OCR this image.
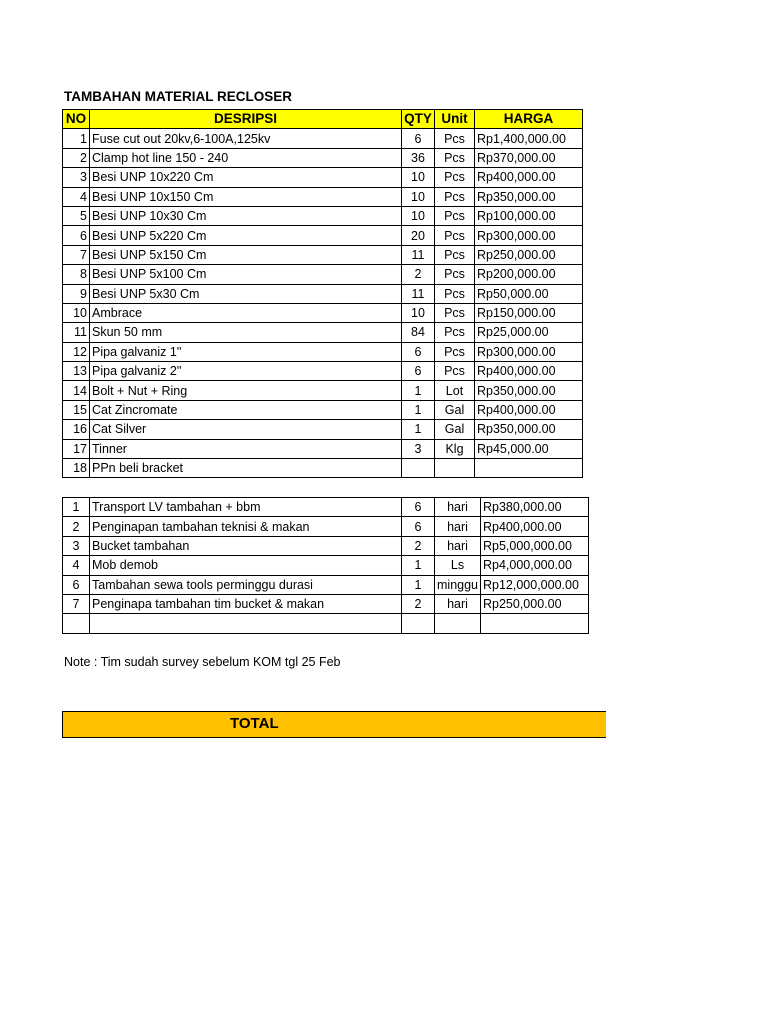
TAMBAHAN MATERIAL RECLOSER
NO	DESRIPSI	QTY	Unit	HARGA
1	Fuse cut out 20kv,6-100A,125kv	6	Pcs	Rp1,400,000.00
2	Clamp hot line 150 - 240	36	Pcs	Rp370,000.00
3	Besi UNP 10x220 Cm	10	Pcs	Rp400,000.00
4	Besi UNP 10x150 Cm	10	Pcs	Rp350,000.00
5	Besi UNP 10x30 Cm	10	Pcs	Rp100,000.00
6	Besi UNP 5x220 Cm	20	Pcs	Rp300,000.00
7	Besi UNP 5x150 Cm	11	Pcs	Rp250,000.00
8	Besi UNP 5x100 Cm	2	Pcs	Rp200,000.00
9	Besi UNP 5x30 Cm	11	Pcs	Rp50,000.00
10	Ambrace	10	Pcs	Rp150,000.00
11	Skun 50 mm	84	Pcs	Rp25,000.00
12	Pipa galvaniz 1''	6	Pcs	Rp300,000.00
13	Pipa galvaniz 2''	6	Pcs	Rp400,000.00
14	Bolt + Nut + Ring	1	Lot	Rp350,000.00
15	Cat Zincromate	1	Gal	Rp400,000.00
16	Cat Silver	1	Gal	Rp350,000.00
17	Tinner	3	Klg	Rp45,000.00
18	PPn beli bracket			
1	Transport LV tambahan + bbm	6	hari	Rp380,000.00
2	Penginapan tambahan teknisi & makan	6	hari	Rp400,000.00
3	Bucket tambahan	2	hari	Rp5,000,000.00
4	Mob demob	1	Ls	Rp4,000,000.00
6	Tambahan sewa tools perminggu durasi	1	minggu	Rp12,000,000.00
7	Penginapa tambahan tim bucket & makan	2	hari	Rp250,000.00

Note : Tim sudah survey sebelum KOM tgl 25 Feb
TOTAL
